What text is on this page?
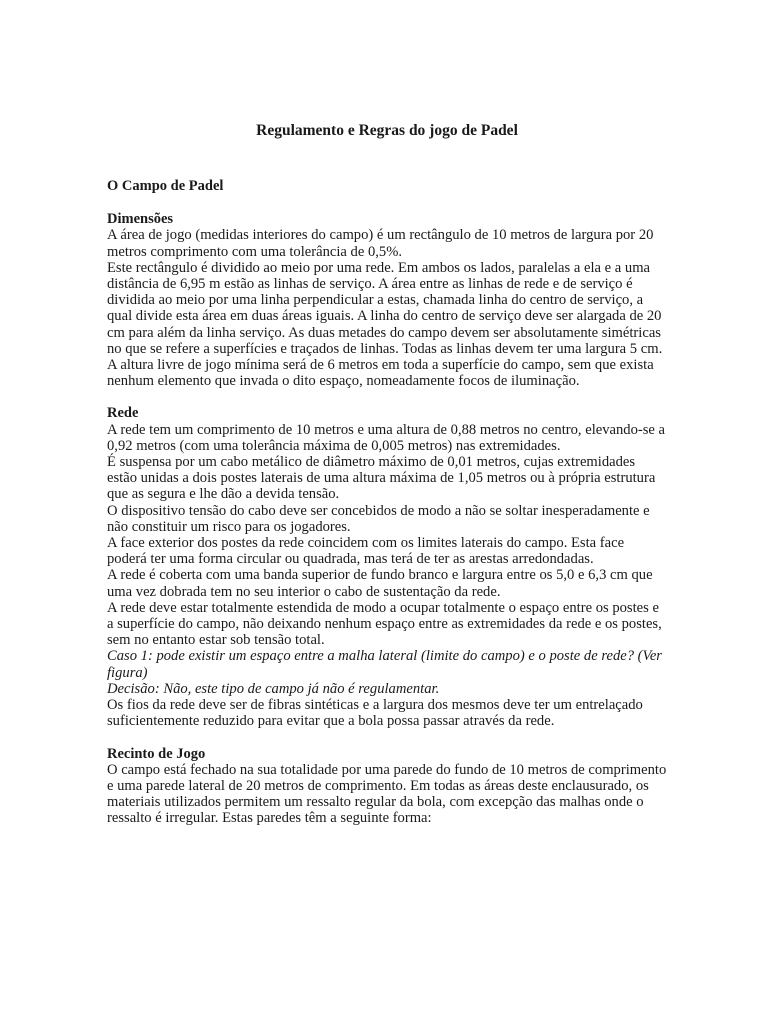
Regulamento e Regras do jogo de Padel
O Campo de Padel
Dimensões

A área de jogo (medidas interiores do campo) é um rectângulo de 10 metros de largura por 20 metros comprimento com uma tolerância de 0,5%.

Este rectângulo é dividido ao meio por uma rede. Em ambos os lados, paralelas a ela e a uma distância de 6,95 m estão as linhas de serviço. A área entre as linhas de rede e de serviço é dividida ao meio por uma linha perpendicular a estas, chamada linha do centro de serviço, a qual divide esta área em duas áreas iguais. A linha do centro de serviço deve ser alargada de 20 cm para além da linha serviço. As duas metades do campo devem ser absolutamente simétricas no que se refere a superfícies e traçados de linhas. Todas as linhas devem ter uma largura 5 cm.

A altura livre de jogo mínima será de 6 metros em toda a superfície do campo, sem que exista nenhum elemento que invada o dito espaço, nomeadamente focos de iluminação.

Rede

A rede tem um comprimento de 10 metros e uma altura de 0,88 metros no centro, elevando-se a 0,92 metros (com uma tolerância máxima de 0,005 metros) nas extremidades.

É suspensa por um cabo metálico de diâmetro máximo de 0,01 metros, cujas extremidades estão unidas a dois postes laterais de uma altura máxima de 1,05 metros ou à própria estrutura que as segura e lhe dão a devida tensão.

O dispositivo tensão do cabo deve ser concebidos de modo a não se soltar inesperadamente e não constituir um risco para os jogadores.

A face exterior dos postes da rede coincidem com os limites laterais do campo. Esta face poderá ter uma forma circular ou quadrada, mas terá de ter as arestas arredondadas.

A rede é coberta com uma banda superior de fundo branco e largura entre os 5,0 e 6,3 cm que uma vez dobrada tem no seu interior o cabo de sustentação da rede.

A rede deve estar totalmente estendida de modo a ocupar totalmente o espaço entre os postes e a superfície do campo, não deixando nenhum espaço entre as extremidades da rede e os postes, sem no entanto estar sob tensão total.

Caso 1: pode existir um espaço entre a malha lateral (limite do campo) e o poste de rede? (Ver figura)

Decisão: Não, este tipo de campo já não é regulamentar.

Os fios da rede deve ser de fibras sintéticas e a largura dos mesmos deve ter um entrelaçado suficientemente reduzido para evitar que a bola possa passar através da rede.

Recinto de Jogo

O campo está fechado na sua totalidade por uma parede do fundo de 10 metros de comprimento e uma parede lateral de 20 metros de comprimento. Em todas as áreas deste enclausurado, os materiais utilizados permitem um ressalto regular da bola, com excepção das malhas onde o ressalto é irregular. Estas paredes têm a seguinte forma:
